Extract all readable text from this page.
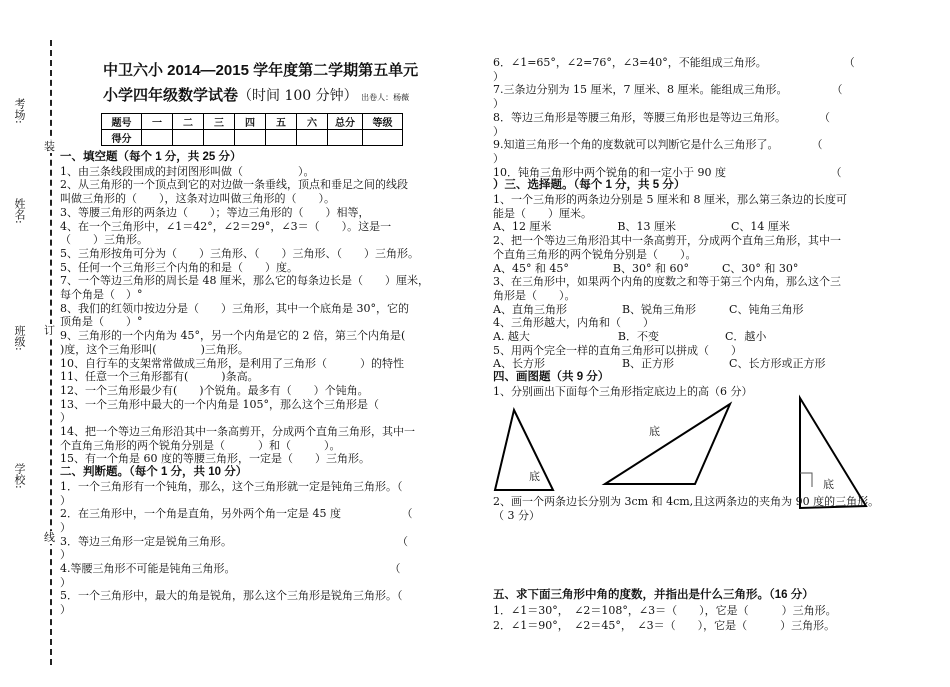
考场:
姓名:
班级:
学校:
装
订
线
中卫六小 2014—2015 学年度第二学期第五单元
小学四年级数学试卷（时间 100 分钟） 出卷人：杨薇
题号	一	二	三	四	五	六	总分	等级
得分								
一、填空题（每个 1 分，共 25 分）
1、由三条线段围成的封闭图形叫做（　　　　　）。
2、从三角形的一个顶点到它的对边做一条垂线，顶点和垂足之间的线段
叫做三角形的（　　），这条对边叫做三角形的（　　）。
3、等腰三角形的两条边（　　）；等边三角形的（　　）相等，
4、在一个三角形中，∠1＝42°，∠2＝29°，∠3＝（　　）。这是一
（　　）三角形。
5、三角形按角可分为（　　）三角形、（　　）三角形、（　　）三角形。
5、任何一个三角形三个内角的和是（　　）度。
7、一个等边三角形的周长是 48 厘米，那么它的每条边长是（　　）厘米，
每个角是（　）°
8、我们的红领巾按边分是（　　）三角形，其中一个底角是 30°，它的
顶角是（　　）°
9、三角形的一个内角为 45°，另一个内角是它的 2 倍，第三个内角是(
)度，这个三角形叫(　　　　)三角形。
10、自行车的支架常常做成三角形，是利用了三角形（　　　）的特性
11、任意一个三角形都有(　　　)条高。
12、一个三角形最少有(　　)个锐角。最多有（　　）个钝角。
13、一个三角形中最大的一个内角是 105°，那么这个三角形是（
）
14、把一个等边三角形沿其中一条高剪开，分成两个直角三角形，其中一
个直角三角形的两个锐角分别是（　　　）和（　　　）。
15、有一个角是 60 度的等腰三角形，一定是（　　）三角形。
二、判断题。（每个 1 分，共 10 分）
1．一个三角形有一个钝角，那么，这个三角形就一定是钝角三角形。（
）
2．在三角形中，一个角是直角，另外两个角一定是 45 度　　　　　　（
）
3．等边三角形一定是锐角三角形。　　　　　　　　　　　　　　　　（
）
4.等腰三角形不可能是钝角三角形。　　　　　　　　　　　　　　　（
）
5．一个三角形中，最大的角是锐角，那么这个三角形是锐角三角形。（
）
6．∠1=65°，∠2=76°，∠3=40°，不能组成三角形。　　　　　　　　（
）
7.三条边分别为 15 厘米，7 厘米、8 厘米。能组成三角形。　　　　　（
）
8．等边三角形是等腰三角形，等腰三角形也是等边三角形。　　　　（
）
9.知道三角形一个角的度数就可以判断它是什么三角形了。　　　　（
）
10．钝角三角形中两个锐角的和一定小于 90 度　　　　　　　　　　（
）三、选择题。（每个 1 分，共 5 分）
1、一个三角形的两条边分别是 5 厘米和 8 厘米，那么第三条边的长度可
能是（　　）厘米。
A、12 厘米　　　　　　B、13 厘米　　　　　C、14 厘米
2、把一个等边三角形沿其中一条高剪开，分成两个直角三角形，其中一
个直角三角形的两个锐角分别是（　　）。
A、45° 和 45°　　　　B、30° 和 60°　　　C、30° 和 30°
3、在三角形中，如果两个内角的度数之和等于第三个内角，那么这个三
角形是（　　）。
A、直角三角形　　　　　B、锐角三角形　　　C、钝角三角形
4、三角形越大，内角和（　　）
A. 越大　　　　　　　　B．不变　　　　　　C．越小
5、用两个完全一样的直角三角形可以拼成（　　）
A、长方形　　　　　　　B、正方形　　　　　C、长方形或正方形
四、画图题（共 9 分）
1、分别画出下面每个三角形指定底边上的高（6 分）
底
底
底
2、画一个两条边长分别为 3cm 和 4cm,且这两条边的夹角为 90 度的三角形。
（ 3 分）
五、求下面三角形中角的度数，并指出是什么三角形。（16 分）
1．∠1＝30°，　∠2＝108°，∠3＝（　　），它是（　　　）三角形。
2．∠1＝90°，　∠2＝45°，　∠3＝（　　），它是（　　　）三角形。
